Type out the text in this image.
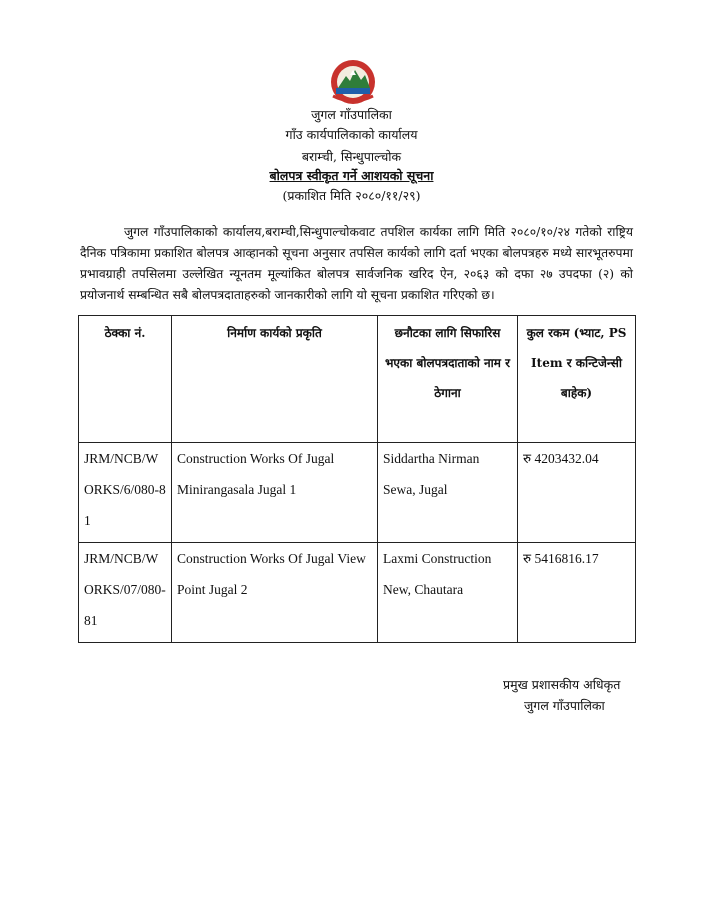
जुगल गाँउपालिका
गाँउ कार्यपालिकाको कार्यालय
बराम्ची, सिन्धुपाल्चोक
बोलपत्र स्वीकृत गर्ने आशयको सूचना
(प्रकाशित मिति २०८०/११/२९)

जुगल गाँउपालिकाको कार्यालय,बराम्ची,सिन्धुपाल्चोकवाट तपशिल कार्यका लागि मिति २०८०/१०/२४ गतेको राष्ट्रिय दैनिक पत्रिकामा प्रकाशित बोलपत्र आव्हानको सूचना अनुसार तपसिल कार्यको लागि दर्ता भएका बोलपत्रहरु मध्ये सारभूतरुपमा प्रभावग्राही तपसिलमा उल्लेखित न्यूनतम मूल्यांकित बोलपत्र सार्वजनिक खरिद ऐन, २०६३ को दफा २७ उपदफा (२) को प्रयोजनार्थ सम्बन्धित सबै बोलपत्रदाताहरुको जानकारीको लागि यो सूचना प्रकाशित गरिएको छ।

ठेक्का नं.	निर्माण कार्यको प्रकृति	छनौटका लागि सिफारिस भएका बोलपत्रदाताको नाम र ठेगाना	कुल रकम (भ्याट, PS Item र कन्टिजेन्सी बाहेक)
JRM/NCB/WORKS/6/080-81	Construction Works Of Jugal Minirangasala Jugal 1	Siddartha Nirman Sewa, Jugal	रु 4203432.04
JRM/NCB/WORKS/07/080-81	Construction Works Of Jugal View Point Jugal 2	Laxmi Construction New, Chautara	रु 5416816.17
प्रमुख प्रशासकीय अधिकृत
जुगल गाँउपालिका
